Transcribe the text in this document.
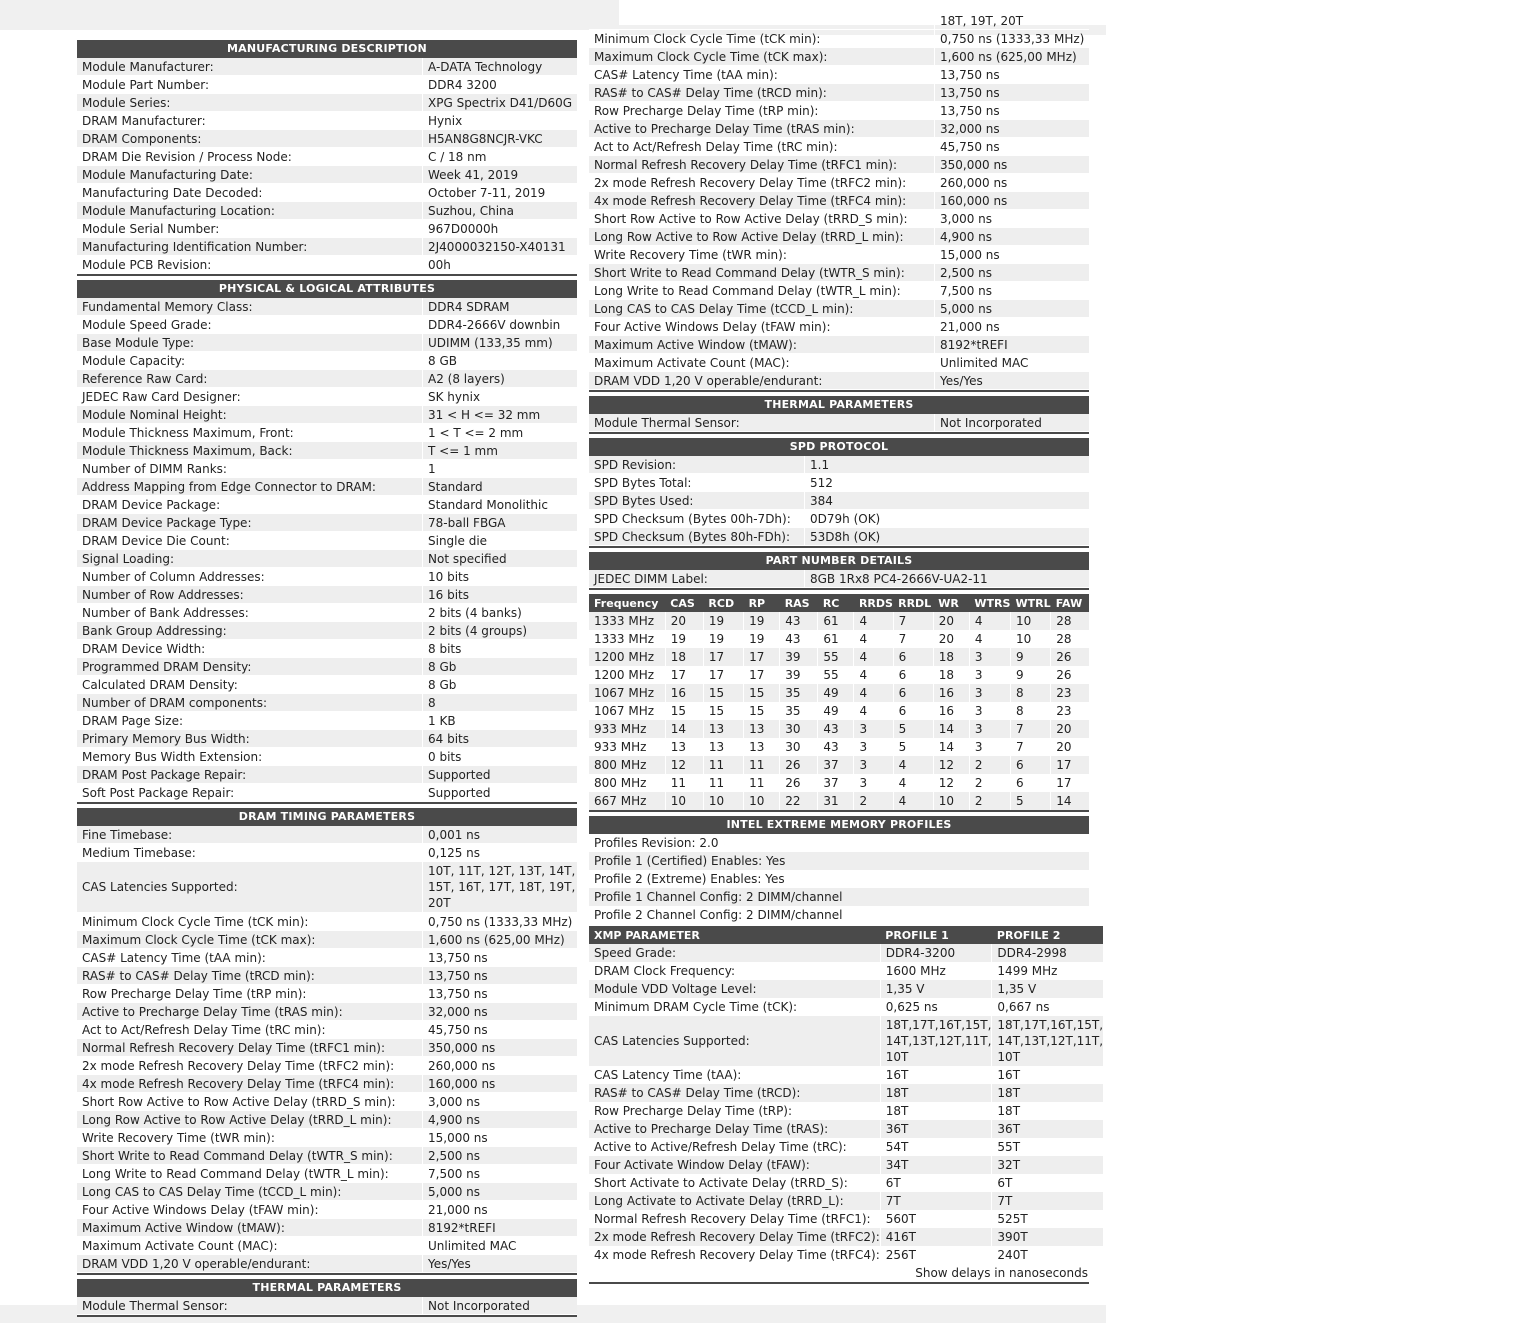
MANUFACTURING DESCRIPTION
Module Manufacturer:	A-DATA Technology
Module Part Number:	DDR4 3200
Module Series:	XPG Spectrix D41/D60G
DRAM Manufacturer:	Hynix
DRAM Components:	H5AN8G8NCJR-VKC
DRAM Die Revision / Process Node:	C / 18 nm
Module Manufacturing Date:	Week 41, 2019
Manufacturing Date Decoded:	October 7-11, 2019
Module Manufacturing Location:	Suzhou, China
Module Serial Number:	967D0000h
Manufacturing Identification Number:	2J4000032150-X40131
Module PCB Revision:	00h
PHYSICAL & LOGICAL ATTRIBUTES
Fundamental Memory Class:	DDR4 SDRAM
Module Speed Grade:	DDR4-2666V downbin
Base Module Type:	UDIMM (133,35 mm)
Module Capacity:	8 GB
Reference Raw Card:	A2 (8 layers)
JEDEC Raw Card Designer:	SK hynix
Module Nominal Height:	31 < H <= 32 mm
Module Thickness Maximum, Front:	1 < T <= 2 mm
Module Thickness Maximum, Back:	T <= 1 mm
Number of DIMM Ranks:	1
Address Mapping from Edge Connector to DRAM:	Standard
DRAM Device Package:	Standard Monolithic
DRAM Device Package Type:	78-ball FBGA
DRAM Device Die Count:	Single die
Signal Loading:	Not specified
Number of Column Addresses:	10 bits
Number of Row Addresses:	16 bits
Number of Bank Addresses:	2 bits (4 banks)
Bank Group Addressing:	2 bits (4 groups)
DRAM Device Width:	8 bits
Programmed DRAM Density:	8 Gb
Calculated DRAM Density:	8 Gb
Number of DRAM components:	8
DRAM Page Size:	1 KB
Primary Memory Bus Width:	64 bits
Memory Bus Width Extension:	0 bits
DRAM Post Package Repair:	Supported
Soft Post Package Repair:	Supported
DRAM TIMING PARAMETERS
Fine Timebase:	0,001 ns
Medium Timebase:	0,125 ns
CAS Latencies Supported:
10T, 11T, 12T, 13T, 14T, 15T, 16T, 17T, 18T, 19T, 20T
Minimum Clock Cycle Time (tCK min):	0,750 ns (1333,33 MHz)
Maximum Clock Cycle Time (tCK max):	1,600 ns (625,00 MHz)
CAS# Latency Time (tAA min):	13,750 ns
RAS# to CAS# Delay Time (tRCD min):	13,750 ns
Row Precharge Delay Time (tRP min):	13,750 ns
Active to Precharge Delay Time (tRAS min):	32,000 ns
Act to Act/Refresh Delay Time (tRC min):	45,750 ns
Normal Refresh Recovery Delay Time (tRFC1 min):	350,000 ns
2x mode Refresh Recovery Delay Time (tRFC2 min):	260,000 ns
4x mode Refresh Recovery Delay Time (tRFC4 min):	160,000 ns
Short Row Active to Row Active Delay (tRRD_S min):	3,000 ns
Long Row Active to Row Active Delay (tRRD_L min):	4,900 ns
Write Recovery Time (tWR min):	15,000 ns
Short Write to Read Command Delay (tWTR_S min):	2,500 ns
Long Write to Read Command Delay (tWTR_L min):	7,500 ns
Long CAS to CAS Delay Time (tCCD_L min):	5,000 ns
Four Active Windows Delay (tFAW min):	21,000 ns
Maximum Active Window (tMAW):	8192*tREFI
Maximum Activate Count (MAC):	Unlimited MAC
DRAM VDD 1,20 V operable/endurant:	Yes/Yes
THERMAL PARAMETERS
Module Thermal Sensor:	Not Incorporated
18T, 19T, 20T
Minimum Clock Cycle Time (tCK min):	0,750 ns (1333,33 MHz)
Maximum Clock Cycle Time (tCK max):	1,600 ns (625,00 MHz)
CAS# Latency Time (tAA min):	13,750 ns
RAS# to CAS# Delay Time (tRCD min):	13,750 ns
Row Precharge Delay Time (tRP min):	13,750 ns
Active to Precharge Delay Time (tRAS min):	32,000 ns
Act to Act/Refresh Delay Time (tRC min):	45,750 ns
Normal Refresh Recovery Delay Time (tRFC1 min):	350,000 ns
2x mode Refresh Recovery Delay Time (tRFC2 min):	260,000 ns
4x mode Refresh Recovery Delay Time (tRFC4 min):	160,000 ns
Short Row Active to Row Active Delay (tRRD_S min):	3,000 ns
Long Row Active to Row Active Delay (tRRD_L min):	4,900 ns
Write Recovery Time (tWR min):	15,000 ns
Short Write to Read Command Delay (tWTR_S min):	2,500 ns
Long Write to Read Command Delay (tWTR_L min):	7,500 ns
Long CAS to CAS Delay Time (tCCD_L min):	5,000 ns
Four Active Windows Delay (tFAW min):	21,000 ns
Maximum Active Window (tMAW):	8192*tREFI
Maximum Activate Count (MAC):	Unlimited MAC
DRAM VDD 1,20 V operable/endurant:	Yes/Yes
THERMAL PARAMETERS
Module Thermal Sensor:	Not Incorporated
SPD PROTOCOL
SPD Revision:	1.1
SPD Bytes Total:	512
SPD Bytes Used:	384
SPD Checksum (Bytes 00h-7Dh):	0D79h (OK)
SPD Checksum (Bytes 80h-FDh):	53D8h (OK)
PART NUMBER DETAILS
JEDEC DIMM Label:	8GB 1Rx8 PC4-2666V-UA2-11
Frequency	CAS	RCD	RP	RAS	RC	RRDS	RRDL	WR	WTRS	WTRL	FAW
1333 MHz	20	19	19	43	61	4	7	20	4	10	28
1333 MHz	19	19	19	43	61	4	7	20	4	10	28
1200 MHz	18	17	17	39	55	4	6	18	3	9	26
1200 MHz	17	17	17	39	55	4	6	18	3	9	26
1067 MHz	16	15	15	35	49	4	6	16	3	8	23
1067 MHz	15	15	15	35	49	4	6	16	3	8	23
933 MHz	14	13	13	30	43	3	5	14	3	7	20
933 MHz	13	13	13	30	43	3	5	14	3	7	20
800 MHz	12	11	11	26	37	3	4	12	2	6	17
800 MHz	11	11	11	26	37	3	4	12	2	6	17
667 MHz	10	10	10	22	31	2	4	10	2	5	14
INTEL EXTREME MEMORY PROFILES
Profiles Revision: 2.0
Profile 1 (Certified) Enables: Yes
Profile 2 (Extreme) Enables: Yes
Profile 1 Channel Config: 2 DIMM/channel
Profile 2 Channel Config: 2 DIMM/channel
XMP PARAMETER	PROFILE 1	PROFILE 2
Speed Grade:	DDR4-3200	DDR4-2998
DRAM Clock Frequency:	1600 MHz	1499 MHz
Module VDD Voltage Level:	1,35 V	1,35 V
Minimum DRAM Cycle Time (tCK):	0,625 ns	0,667 ns
CAS Latencies Supported:	18T,17T,16T,15T, 14T,13T,12T,11T, 10T	18T,17T,16T,15T, 14T,13T,12T,11T, 10T
CAS Latency Time (tAA):	16T	16T
RAS# to CAS# Delay Time (tRCD):	18T	18T
Row Precharge Delay Time (tRP):	18T	18T
Active to Precharge Delay Time (tRAS):	36T	36T
Active to Active/Refresh Delay Time (tRC):	54T	55T
Four Activate Window Delay (tFAW):	34T	32T
Short Activate to Activate Delay (tRRD_S):	6T	6T
Long Activate to Activate Delay (tRRD_L):	7T	7T
Normal Refresh Recovery Delay Time (tRFC1):	560T	525T
2x mode Refresh Recovery Delay Time (tRFC2):	416T	390T
4x mode Refresh Recovery Delay Time (tRFC4):	256T	240T
Show delays in nanoseconds
